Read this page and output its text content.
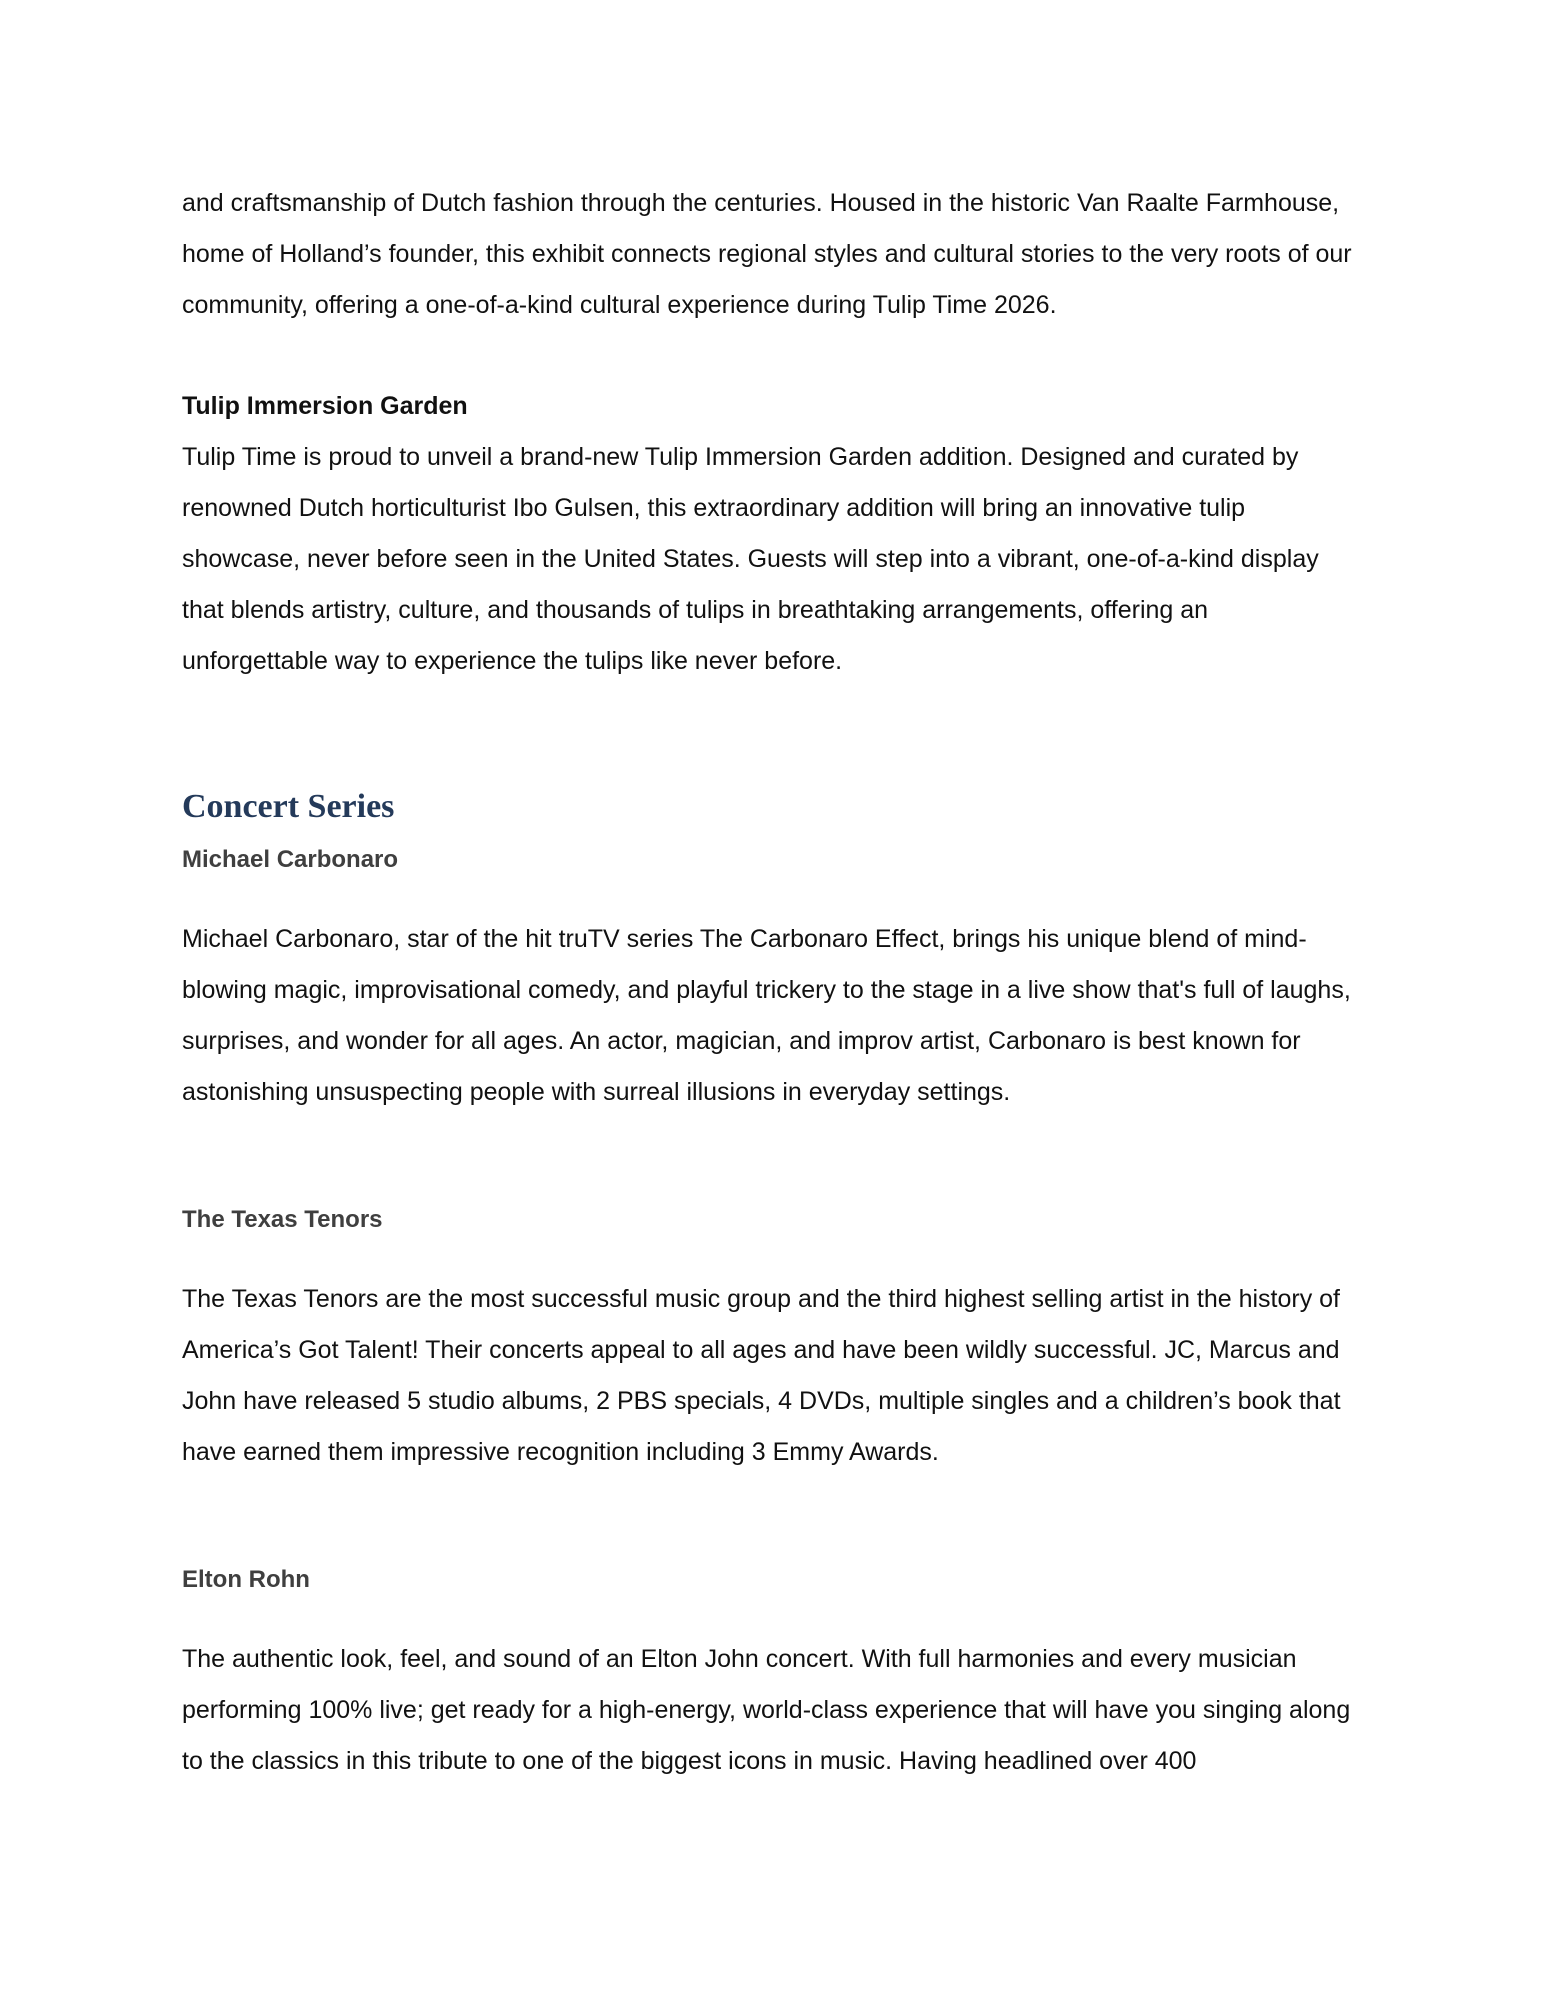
and craftsmanship of Dutch fashion through the centuries. Housed in the historic Van Raalte Farmhouse, home of Holland’s founder, this exhibit connects regional styles and cultural stories to the very roots of our community, offering a one-of-a-kind cultural experience during Tulip Time 2026.

Tulip Immersion Garden

Tulip Time is proud to unveil a brand-new Tulip Immersion Garden addition. Designed and curated by renowned Dutch horticulturist Ibo Gulsen, this extraordinary addition will bring an innovative tulip showcase, never before seen in the United States. Guests will step into a vibrant, one-of-a-kind display that blends artistry, culture, and thousands of tulips in breathtaking arrangements, offering an unforgettable way to experience the tulips like never before.

Concert Series
Michael Carbonaro

Michael Carbonaro, star of the hit truTV series The Carbonaro Effect, brings his unique blend of mind-blowing magic, improvisational comedy, and playful trickery to the stage in a live show that's full of laughs, surprises, and wonder for all ages. An actor, magician, and improv artist, Carbonaro is best known for astonishing unsuspecting people with surreal illusions in everyday settings.

The Texas Tenors

The Texas Tenors are the most successful music group and the third highest selling artist in the history of America’s Got Talent! Their concerts appeal to all ages and have been wildly successful. JC, Marcus and John have released 5 studio albums, 2 PBS specials, 4 DVDs, multiple singles and a children’s book that have earned them impressive recognition including 3 Emmy Awards.

Elton Rohn

The authentic look, feel, and sound of an Elton John concert. With full harmonies and every musician performing 100% live; get ready for a high-energy, world-class experience that will have you singing along to the classics in this tribute to one of the biggest icons in music. Having headlined over 400
